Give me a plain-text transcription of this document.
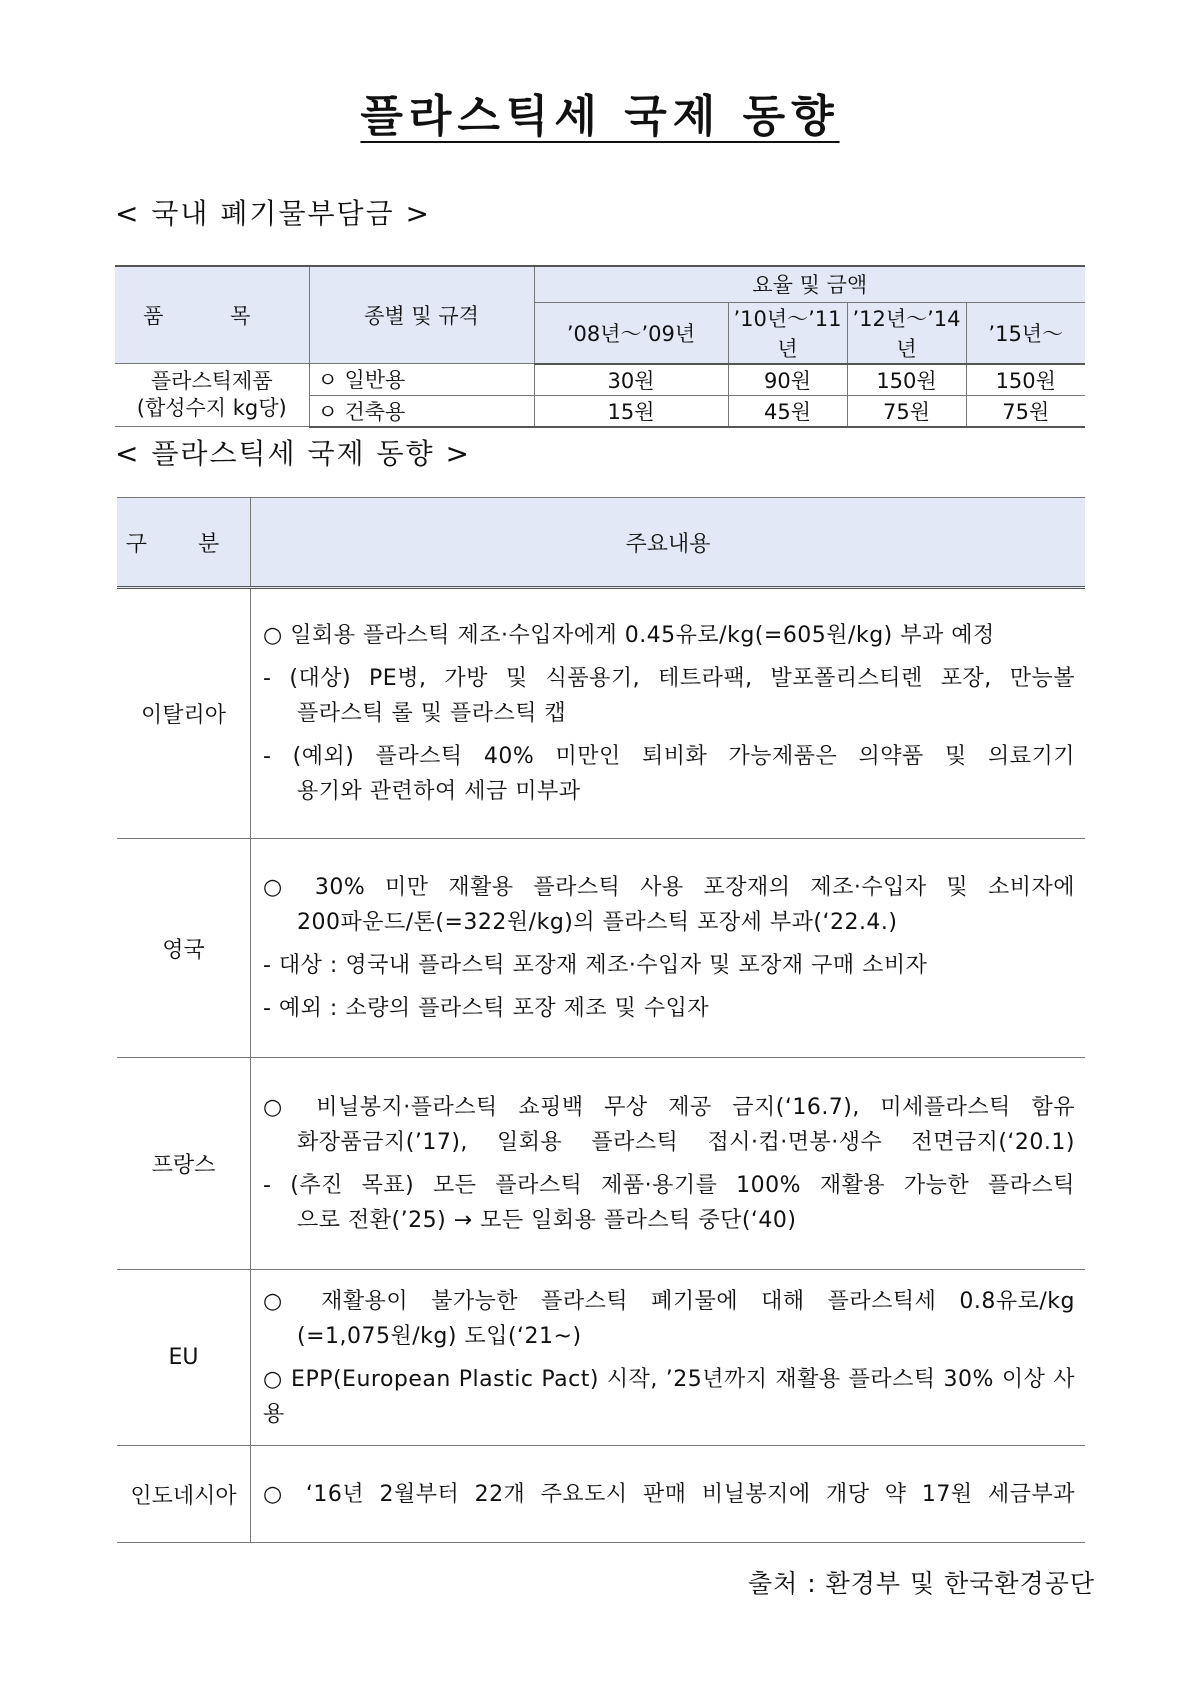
플라스틱세 국제 동향
< 국내 폐기물부담금 >
품 목	종별 및 규격	요율 및 금액			
		’08년～’09년	’10년～’11년	’12년～’14년	’15년～

플라스틱제품
(합성수지 kg당)	ㅇ 일반용	30원	90원	150원	150원
	ㅇ 건축용	15원	45원	75원	75원
< 플라스틱세 국제 동향 >
구 분	주요내용
이탈리아	○ 일회용 플라스틱 제조·수입자에게 0.45유로/kg(=605원/kg) 부과 예정
- (대상) PE병, 가방 및 식품용기, 테트라팩, 발포폴리스티렌 포장, 만능볼
플라스틱 롤 및 플라스틱 캡
- (예외) 플라스틱 40% 미만인 퇴비화 가능제품은 의약품 및 의료기기
용기와 관련하여 세금 미부과

영국	○ 30% 미만 재활용 플라스틱 사용 포장재의 제조·수입자 및 소비자에
200파운드/톤(=322원/kg)의 플라스틱 포장세 부과(‘22.4.)
- 대상 : 영국내 플라스틱 포장재 제조·수입자 및 포장재 구매 소비자
- 예외 : 소량의 플라스틱 포장 제조 및 수입자

프랑스	○ 비닐봉지·플라스틱 쇼핑백 무상 제공 금지(‘16.7), 미세플라스틱 함유
화장품금지(’17), 일회용 플라스틱 접시·컵·면봉·생수 전면금지(‘20.1)
- (추진 목표) 모든 플라스틱 제품·용기를 100% 재활용 가능한 플라스틱
으로 전환(’25) → 모든 일회용 플라스틱 중단(‘40)

EU	○ 재활용이 불가능한 플라스틱 폐기물에 대해 플라스틱세 0.8유로/kg
(=1,075원/kg) 도입(‘21~)
○ EPP(European Plastic Pact) 시작, ’25년까지 재활용 플라스틱 30% 이상 사용

인도네시아	○ ‘16년 2월부터 22개 주요도시 판매 비닐봉지에 개당 약 17원 세금부과
출처 : 환경부 및 한국환경공단
